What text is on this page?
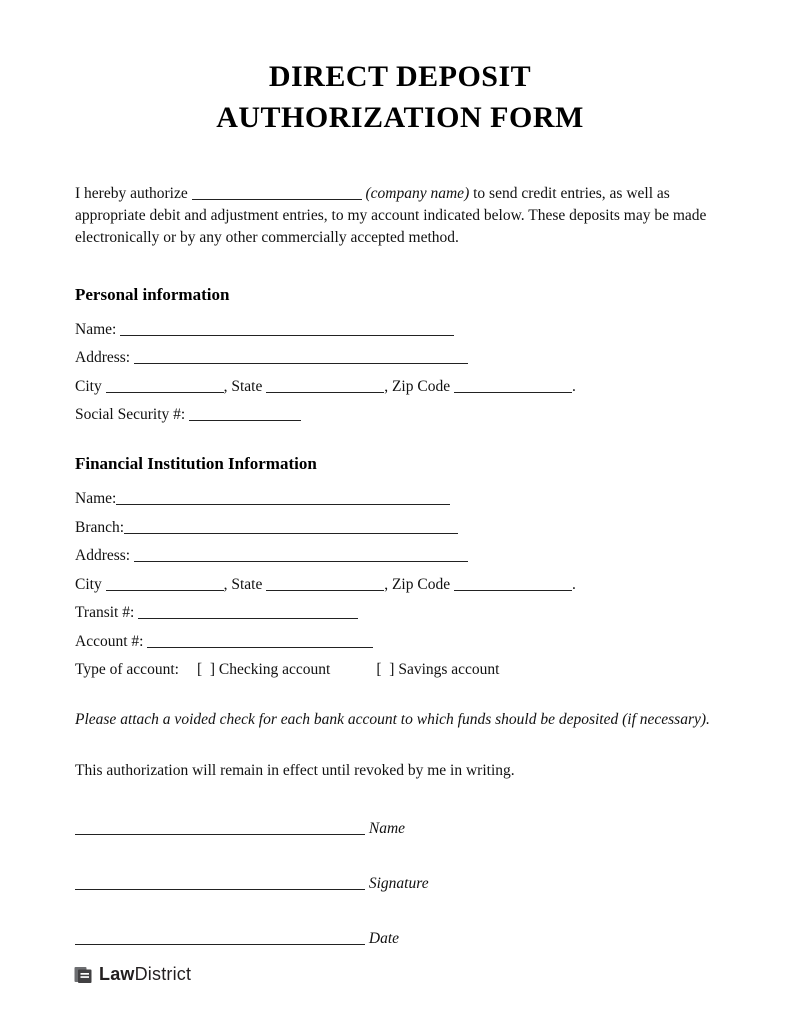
DIRECT DEPOSIT
AUTHORIZATION FORM

I hereby authorize	(company name) to send credit entries, as well as appropriate debit and adjustment entries, to my account indicated below. These deposits may be made electronically or by any other commercially accepted method.

Personal information
Name:
Address:
City	, State	, Zip Code	.
Social Security #:
Financial Institution Information
Name:
Branch:
Address:
City	, State	, Zip Code	.
Transit #:
Account #:
Type of account: [  ] Checking account	[  ] Savings account

Please attach a voided check for each bank account to which funds should be deposited (if necessary).

This authorization will remain in effect until revoked by me in writing.

Name
Signature
Date
LawDistrict
